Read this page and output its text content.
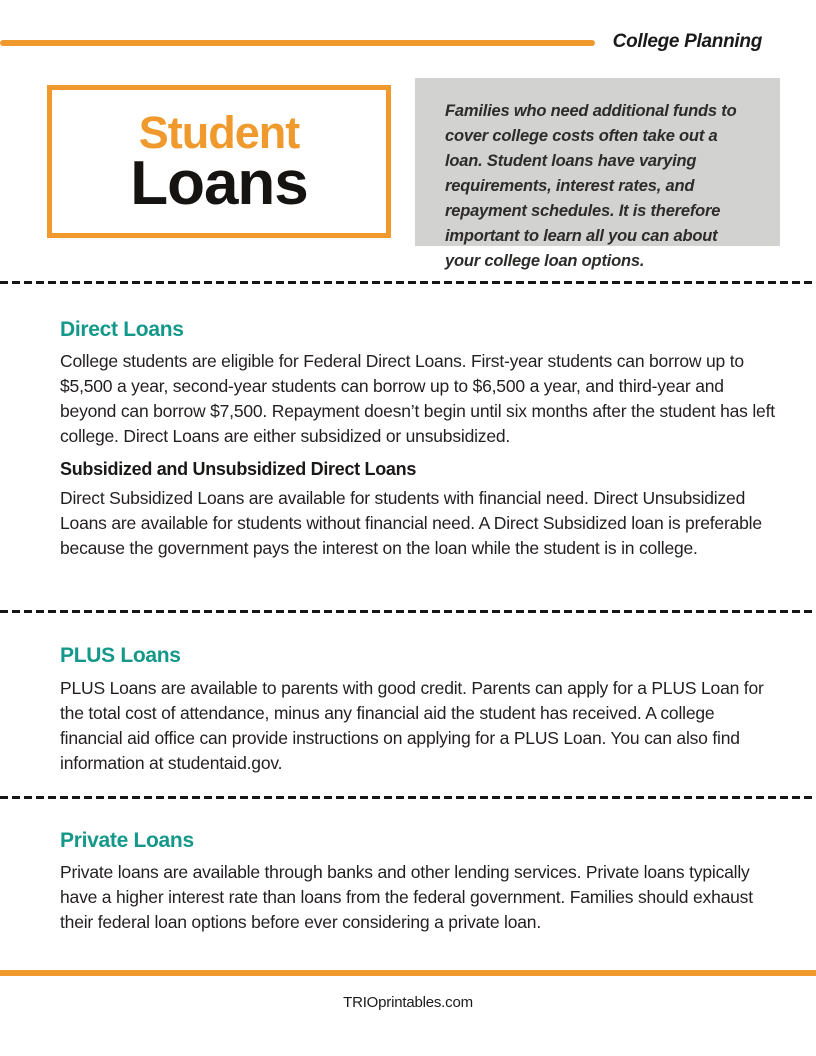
College Planning
Student
Loans
Families who need additional funds to cover college costs often take out a loan. Student loans have varying requirements, interest rates, and repayment schedules. It is therefore important to learn all you can about your college loan options.
Direct Loans
College students are eligible for Federal Direct Loans. First-year students can borrow up to $5,500 a year, second-year students can borrow up to $6,500 a year, and third-year and beyond can borrow $7,500. Repayment doesn’t begin until six months after the student has left college. Direct Loans are either subsidized or unsubsidized.
Subsidized and Unsubsidized Direct Loans
Direct Subsidized Loans are available for students with financial need. Direct Unsubsidized Loans are available for students without financial need. A Direct Subsidized loan is preferable because the government pays the interest on the loan while the student is in college.
PLUS Loans
PLUS Loans are available to parents with good credit. Parents can apply for a PLUS Loan for the total cost of attendance, minus any financial aid the student has received. A college financial aid office can provide instructions on applying for a PLUS Loan. You can also find information at studentaid.gov.
Private Loans
Private loans are available through banks and other lending services. Private loans typically have a higher interest rate than loans from the federal government. Families should exhaust their federal loan options before ever considering a private loan.
TRIOprintables.com
